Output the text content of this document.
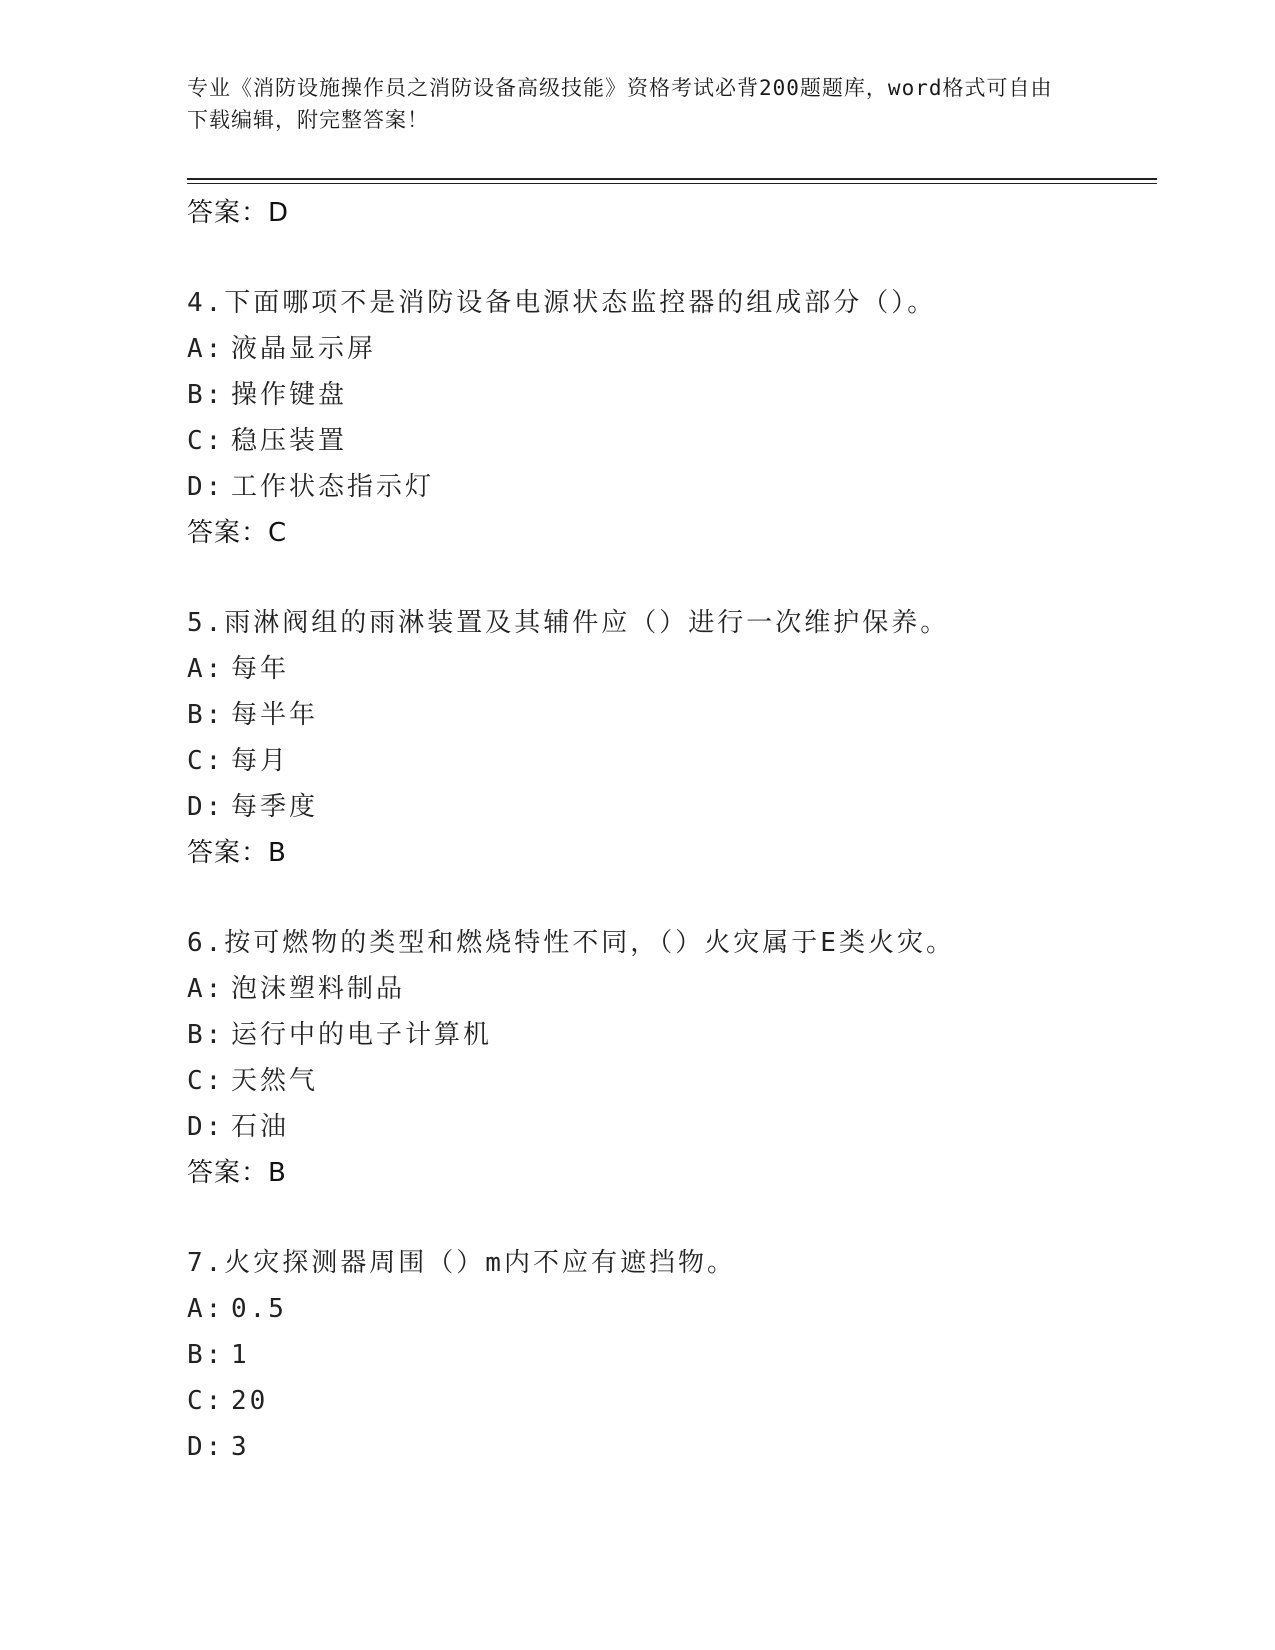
专业《消防设施操作员之消防设备高级技能》资格考试必背200题题库，word格式可自由下载编辑，附完整答案！
答案：D
4.下面哪项不是消防设备电源状态监控器的组成部分（）。
A: 液晶显示屏
B: 操作键盘
C: 稳压装置
D: 工作状态指示灯
答案：C
5.雨淋阀组的雨淋装置及其辅件应（）进行一次维护保养。
A: 每年
B: 每半年
C: 每月
D: 每季度
答案：B
6.按可燃物的类型和燃烧特性不同，（）火灾属于E类火灾。
A: 泡沫塑料制品
B: 运行中的电子计算机
C: 天然气
D: 石油
答案：B
7.火灾探测器周围（）m内不应有遮挡物。
A: 0.5
B: 1
C: 20
D: 3
